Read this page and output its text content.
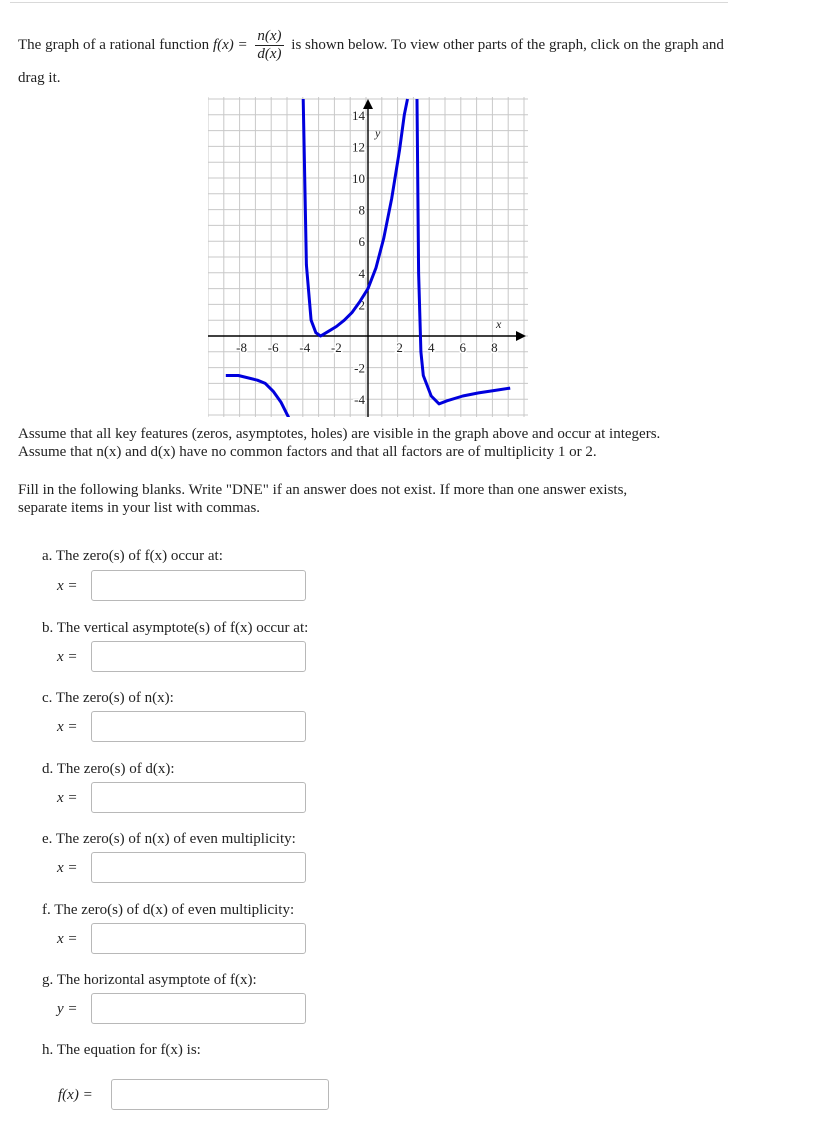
The graph of a rational function $f(x) = \frac{n(x)}{d(x)}$ is shown below. To view other parts of the graph, click on the graph and drag it.
x
y
-8 -6 -4 -2	2 4 6 8
-4
-2
2
4
6
8
10
12
14
Assume that all key features (zeros, asymptotes, holes) are visible in the graph above and occur at integers.
Assume that n(x) and d(x) have no common factors and that all factors are of multiplicity 1 or 2.
Fill in the following blanks. Write "DNE" if an answer does not exist. If more than one answer exists,
separate items in your list with commas.
a. The zero(s) of f(x) occur at:
x =
b. The vertical asymptote(s) of f(x) occur at:
x =
c. The zero(s) of n(x):
x =
d. The zero(s) of d(x):
x =
e. The zero(s) of n(x) of even multiplicity:
x =
f. The zero(s) of d(x) of even multiplicity:
x =
g. The horizontal asymptote of f(x):
y =
h. The equation for f(x) is:
f(x) =
